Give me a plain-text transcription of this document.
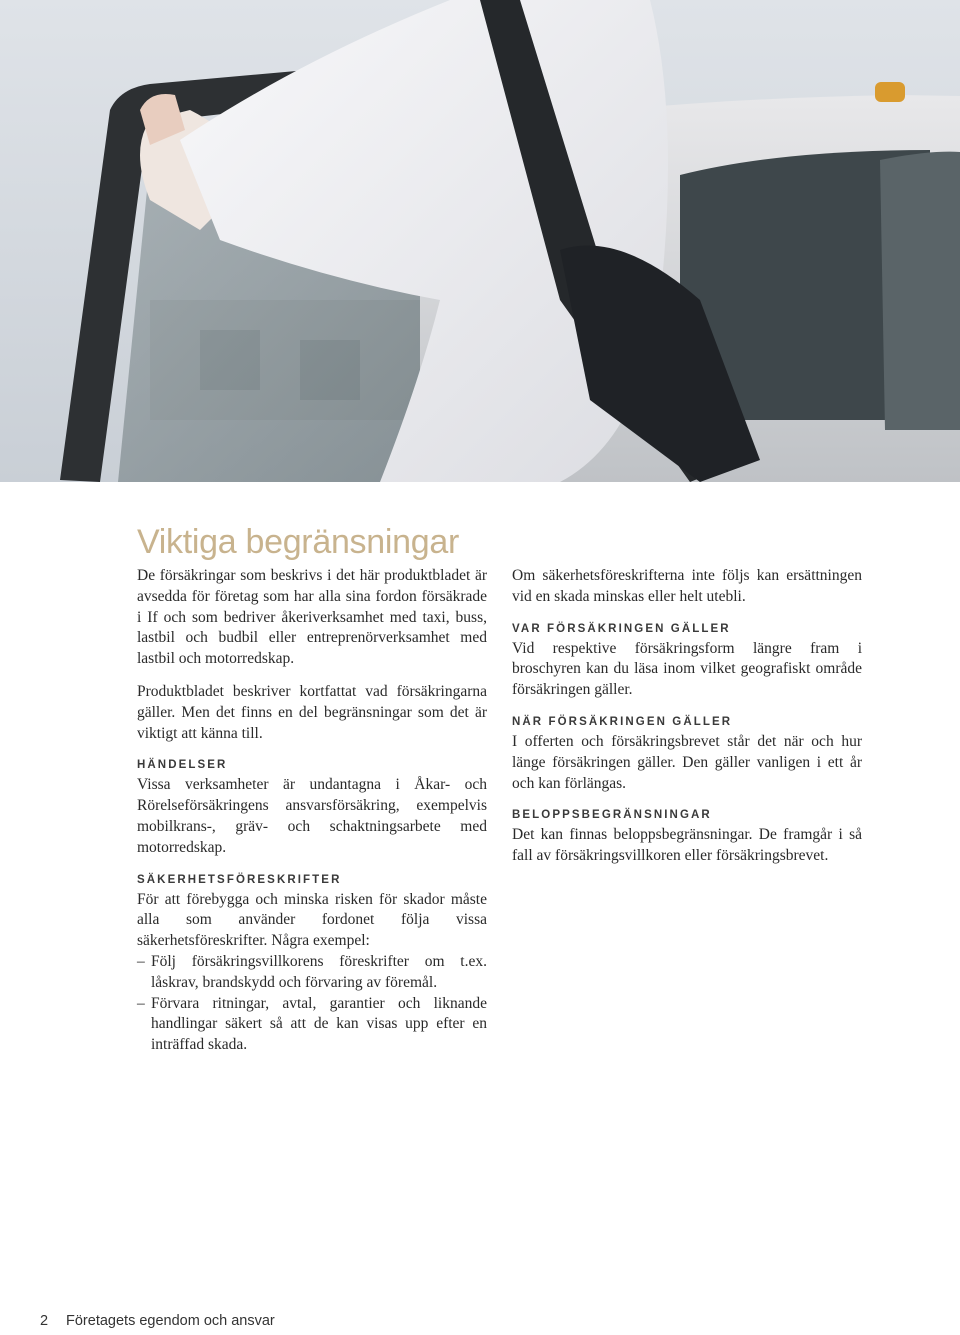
Viktiga begränsningar

De försäkringar som beskrivs i det här produktbladet är avsedda för företag som har alla sina fordon försäkrade i If och som bedriver åkeriverksamhet med taxi, buss, lastbil och budbil eller entreprenörverksamhet med lastbil och motorredskap.

Produktbladet beskriver kortfattat vad försäkringarna gäller. Men det finns en del begränsningar som det är viktigt att känna till.

HÄNDELSER

Vissa verksamheter är undantagna i Åkar- och Rörelseförsäkringens ansvarsförsäkring, exempelvis mobilkrans-, gräv- och schaktningsarbete med motorredskap.

SÄKERHETSFÖRESKRIFTER

För att förebygga och minska risken för skador måste alla som använder fordonet följa vissa säkerhetsföreskrifter. Några exempel:

– Följ försäkringsvillkorens föreskrifter om t.ex. låskrav, brandskydd och förvaring av föremål.
– Förvara ritningar, avtal, garantier och liknande handlingar säkert så att de kan visas upp efter en inträffad skada.

Om säkerhetsföreskrifterna inte följs kan ersättningen vid en skada minskas eller helt utebli.

VAR FÖRSÄKRINGEN GÄLLER

Vid respektive försäkringsform längre fram i broschyren kan du läsa inom vilket geografiskt område försäkringen gäller.

NÄR FÖRSÄKRINGEN GÄLLER

I offerten och försäkringsbrevet står det när och hur länge försäkringen gäller. Den gäller vanligen i ett år och kan förlängas.

BELOPPSBEGRÄNSNINGAR

Det kan finnas beloppsbegränsningar. De framgår i så fall av försäkringsvillkoren eller försäkringsbrevet.

2 Företagets egendom och ansvar
